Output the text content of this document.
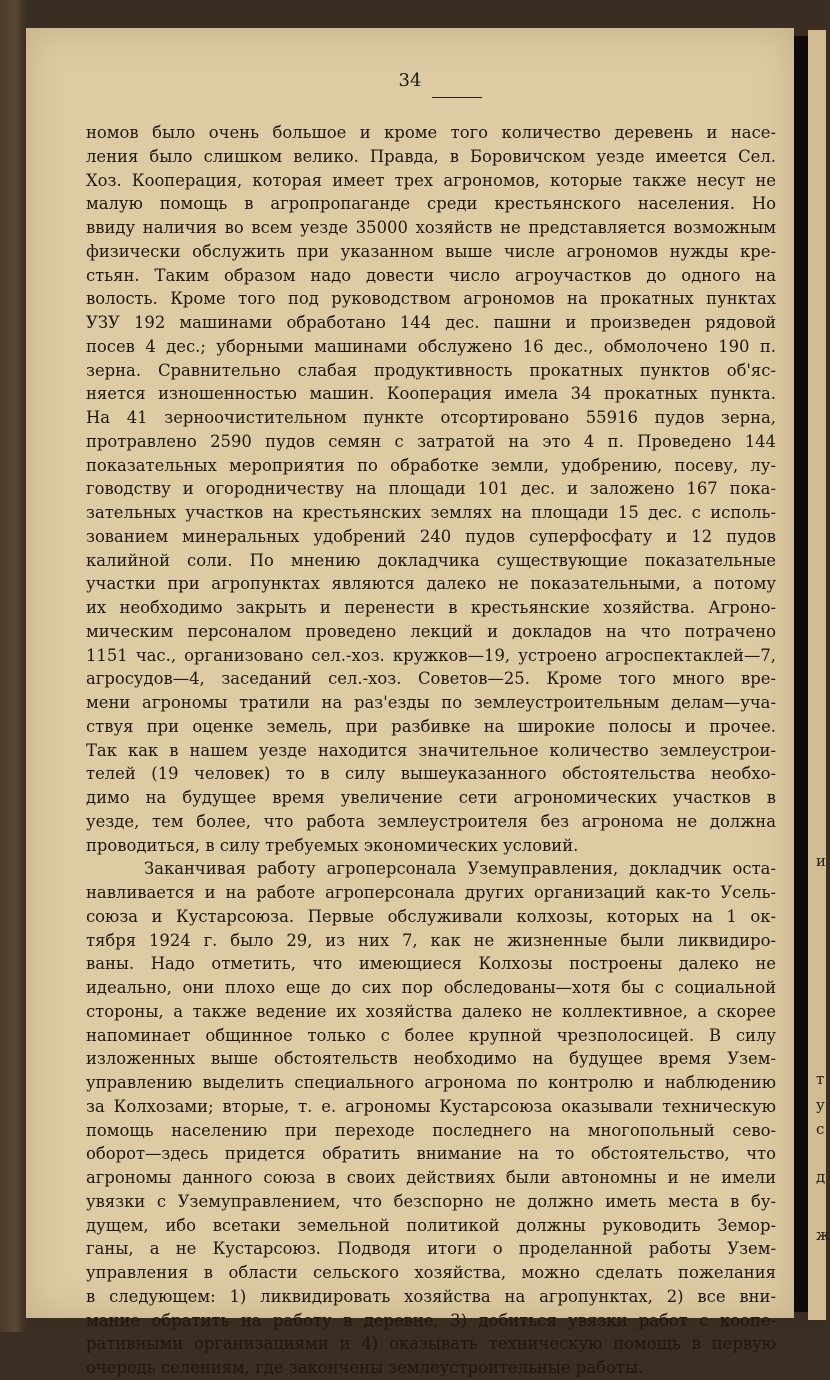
34
номов было очень большое и кроме того количество деревень и насе-
ления было слишком велико. Правда, в Боровичском уезде имеется Сел.
Хоз. Кооперация, которая имеет трех агрономов, которые также несут не
малую помощь в агропропаганде среди крестьянского населения. Но
ввиду наличия во всем уезде 35000 хозяйств не представляется возможным
физически обслужить при указанном выше числе агрономов нужды кре-
стьян. Таким образом надо довести число агроучастков до одного на
волость. Кроме того под руководством агрономов на прокатных пунктах
УЗУ 192 машинами обработано 144 дес. пашни и произведен рядовой
посев 4 дес.; уборными машинами обслужено 16 дес., обмолочено 190 п.
зерна. Сравнительно слабая продуктивность прокатных пунктов об'яс-
няется изношенностью машин. Кооперация имела 34 прокатных пункта.
На 41 зерноочистительном пункте отсортировано 55916 пудов зерна,
протравлено 2590 пудов семян с затратой на это 4 п. Проведено 144
показательных мероприятия по обработке земли, удобрению, посеву, лу-
говодству и огородничеству на площади 101 дес. и заложено 167 пока-
зательных участков на крестьянских землях на площади 15 дес. с исполь-
зованием минеральных удобрений 240 пудов суперфосфату и 12 пудов
калийной соли. По мнению докладчика существующие показательные
участки при агропунктах являются далеко не показательными, а потому
их необходимо закрыть и перенести в крестьянские хозяйства. Агроно-
мическим персоналом проведено лекций и докладов на что потрачено
1151 час., организовано сел.-хоз. кружков—19, устроено агроспектаклей—7,
агросудов—4, заседаний сел.-хоз. Советов—25. Кроме того много вре-
мени агрономы тратили на раз'езды по землеустроительным делам—уча-
ствуя при оценке земель, при разбивке на широкие полосы и прочее.
Так как в нашем уезде находится значительное количество землеустрои-
телей (19 человек) то в силу вышеуказанного обстоятельства необхо-
димо на будущее время увеличение сети агрономических участков в
уезде, тем более, что работа землеустроителя без агронома не должна
проводиться, в силу требуемых экономических условий.
Заканчивая работу агроперсонала Уземуправления, докладчик оста-
навливается и на работе агроперсонала других организаций как-то Усель-
союза и Кустарсоюза. Первые обслуживали колхозы, которых на 1 ок-
тября 1924 г. было 29, из них 7, как не жизненные были ликвидиро-
ваны. Надо отметить, что имеющиеся Колхозы построены далеко не
идеально, они плохо еще до сих пор обследованы—хотя бы с социальной
стороны, а также ведение их хозяйства далеко не коллективное, а скорее
напоминает общинное только с более крупной чрезполосицей. В силу
изложенных выше обстоятельств необходимо на будущее время Узем-
управлению выделить специального агронома по контролю и наблюдению
за Колхозами; вторые, т. е. агрономы Кустарсоюза оказывали техническую
помощь населению при переходе последнего на многопольный сево-
оборот—здесь придется обратить внимание на то обстоятельство, что
агрономы данного союза в своих действиях были автономны и не имели
увязки с Уземуправлением, что безспорно не должно иметь места в бу-
дущем, ибо всетаки земельной политикой должны руководить Земор-
ганы, а не Кустарсоюз. Подводя итоги о проделанной работы Узем-
управления в области сельского хозяйства, можно сделать пожелания
в следующем: 1) ликвидировать хозяйства на агропунктах, 2) все вни-
мание обратить на работу в деревне, 3) добиться увязки работ с коопе-
ративными организациями и 4) оказывать техническую помощь в первую
очередь селениям, где закончены землеустроительные работы.
и
т
у
с
д
ж
